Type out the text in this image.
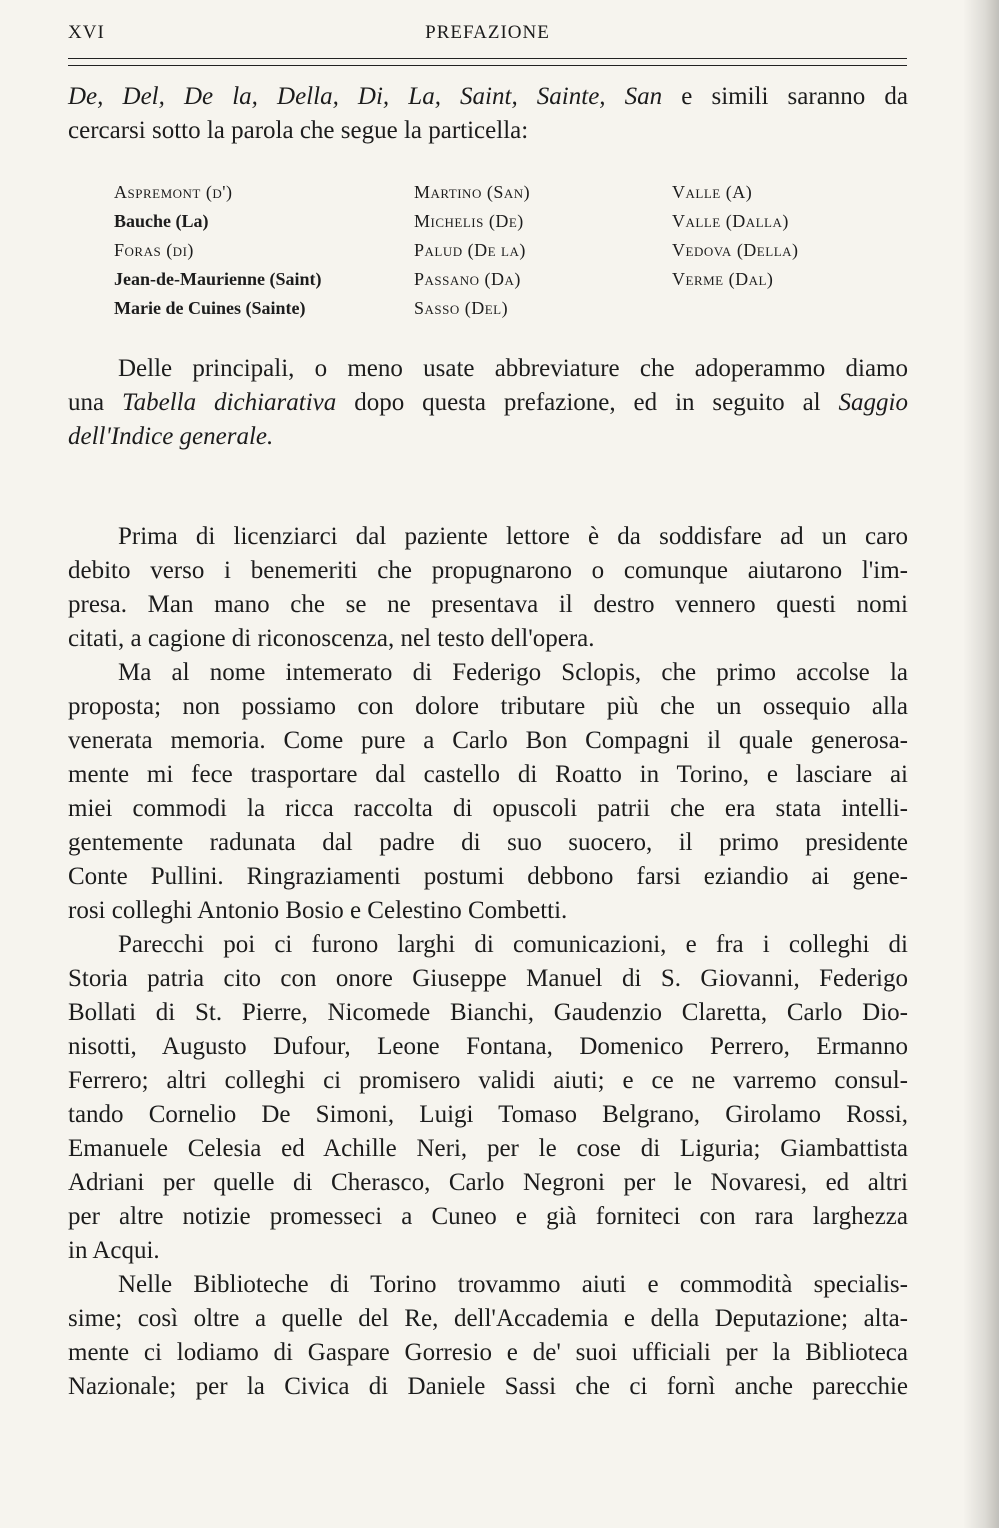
XVI	PREFAZIONE

De, Del, De la, Della, Di, La, Saint, Sainte, San e simili saranno da

cercarsi sotto la parola che segue la particella:

Aspremont (d')
Bauche (La)
Foras (di)
Jean-de-Maurienne (Saint)
Marie de Cuines (Sainte)
Martino (San)
Michelis (De)
Palud (De la)
Passano (Da)
Sasso (Del)
Valle (A)
Valle (Dalla)
Vedova (Della)
Verme (Dal)

Delle principali, o meno usate abbreviature che adoperammo diamo

una Tabella dichiarativa dopo questa prefazione, ed in seguito al Saggio

dell'Indice generale.

Prima di licenziarci dal paziente lettore è da soddisfare ad un caro

debito verso i benemeriti che propugnarono o comunque aiutarono l'im-

presa. Man mano che se ne presentava il destro vennero questi nomi

citati, a cagione di riconoscenza, nel testo dell'opera.

Ma al nome intemerato di Federigo Sclopis, che primo accolse la

proposta; non possiamo con dolore tributare più che un ossequio alla

venerata memoria. Come pure a Carlo Bon Compagni il quale generosa-

mente mi fece trasportare dal castello di Roatto in Torino, e lasciare ai

miei commodi la ricca raccolta di opuscoli patrii che era stata intelli-

gentemente radunata dal padre di suo suocero, il primo presidente

Conte Pullini. Ringraziamenti postumi debbono farsi eziandio ai gene-

rosi colleghi Antonio Bosio e Celestino Combetti.

Parecchi poi ci furono larghi di comunicazioni, e fra i colleghi di

Storia patria cito con onore Giuseppe Manuel di S. Giovanni, Federigo

Bollati di St. Pierre, Nicomede Bianchi, Gaudenzio Claretta, Carlo Dio-

nisotti, Augusto Dufour, Leone Fontana, Domenico Perrero, Ermanno

Ferrero; altri colleghi ci promisero validi aiuti; e ce ne varremo consul-

tando Cornelio De Simoni, Luigi Tomaso Belgrano, Girolamo Rossi,

Emanuele Celesia ed Achille Neri, per le cose di Liguria; Giambattista

Adriani per quelle di Cherasco, Carlo Negroni per le Novaresi, ed altri

per altre notizie promesseci a Cuneo e già forniteci con rara larghezza

in Acqui.

Nelle Biblioteche di Torino trovammo aiuti e commodità specialis-

sime; così oltre a quelle del Re, dell'Accademia e della Deputazione; alta-

mente ci lodiamo di Gaspare Gorresio e de' suoi ufficiali per la Biblioteca

Nazionale; per la Civica di Daniele Sassi che ci fornì anche parecchie
